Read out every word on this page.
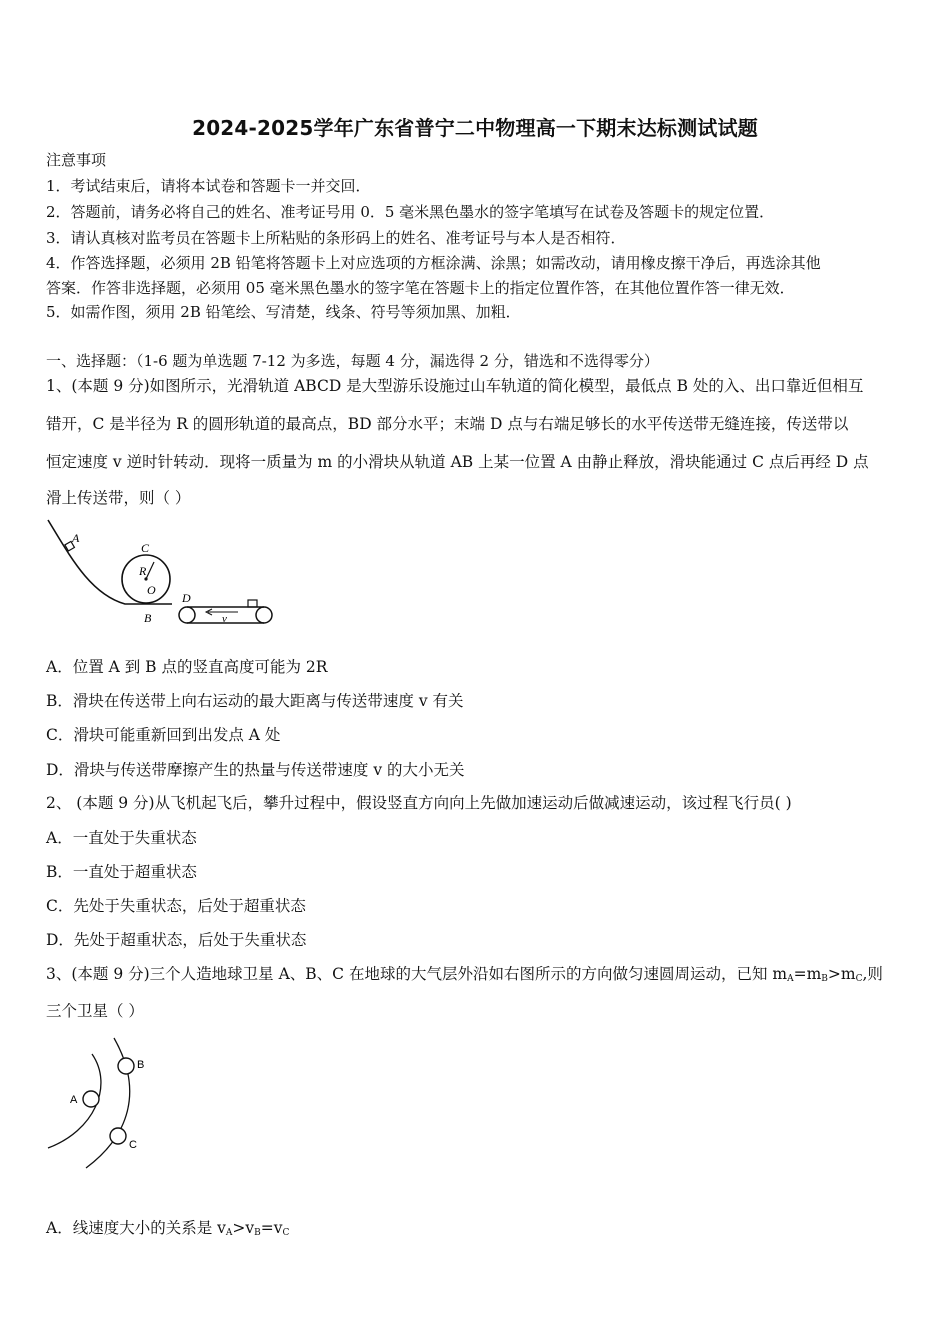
2024-2025学年广东省普宁二中物理高一下期末达标测试试题
注意事项
1．考试结束后，请将本试卷和答题卡一并交回．
2．答题前，请务必将自己的姓名、准考证号用 0．5 毫米黑色墨水的签字笔填写在试卷及答题卡的规定位置．
3．请认真核对监考员在答题卡上所粘贴的条形码上的姓名、准考证号与本人是否相符．
4．作答选择题，必须用 2B 铅笔将答题卡上对应选项的方框涂满、涂黑；如需改动，请用橡皮擦干净后，再选涂其他
答案．作答非选择题，必须用 05 毫米黑色墨水的签字笔在答题卡上的指定位置作答，在其他位置作答一律无效．
5．如需作图，须用 2B 铅笔绘、写清楚，线条、符号等须加黑、加粗．
一、选择题：（1-6 题为单选题 7-12 为多选，每题 4 分，漏选得 2 分，错选和不选得零分）
1、(本题 9 分)如图所示，光滑轨道 ABCD 是大型游乐设施过山车轨道的简化模型，最低点 B 处的入、出口靠近但相互
错开，C 是半径为 R 的圆形轨道的最高点，BD 部分水平；末端 D 点与右端足够长的水平传送带无缝连接，传送带以
恒定速度 v 逆时针转动．现将一质量为 m 的小滑块从轨道 AB 上某一位置 A 由静止释放，滑块能通过 C 点后再经 D 点
滑上传送带，则（ ）
A
C
R
O
D
B	v
A．位置 A 到 B 点的竖直高度可能为 2R
B．滑块在传送带上向右运动的最大距离与传送带速度 v 有关
C．滑块可能重新回到出发点 A 处
D．滑块与传送带摩擦产生的热量与传送带速度 v 的大小无关
2、 (本题 9 分)从飞机起飞后，攀升过程中，假设竖直方向向上先做加速运动后做减速运动，该过程飞行员( )
A．一直处于失重状态
B．一直处于超重状态
C．先处于失重状态，后处于超重状态
D．先处于超重状态，后处于失重状态
3、(本题 9 分)三个人造地球卫星 A、B、C 在地球的大气层外沿如右图所示的方向做匀速圆周运动，已知 $m_A=m_B>m_C$,则
三个卫星（ ）
A
B
C
A．线速度大小的关系是 $v_A>v_B=v_C$
